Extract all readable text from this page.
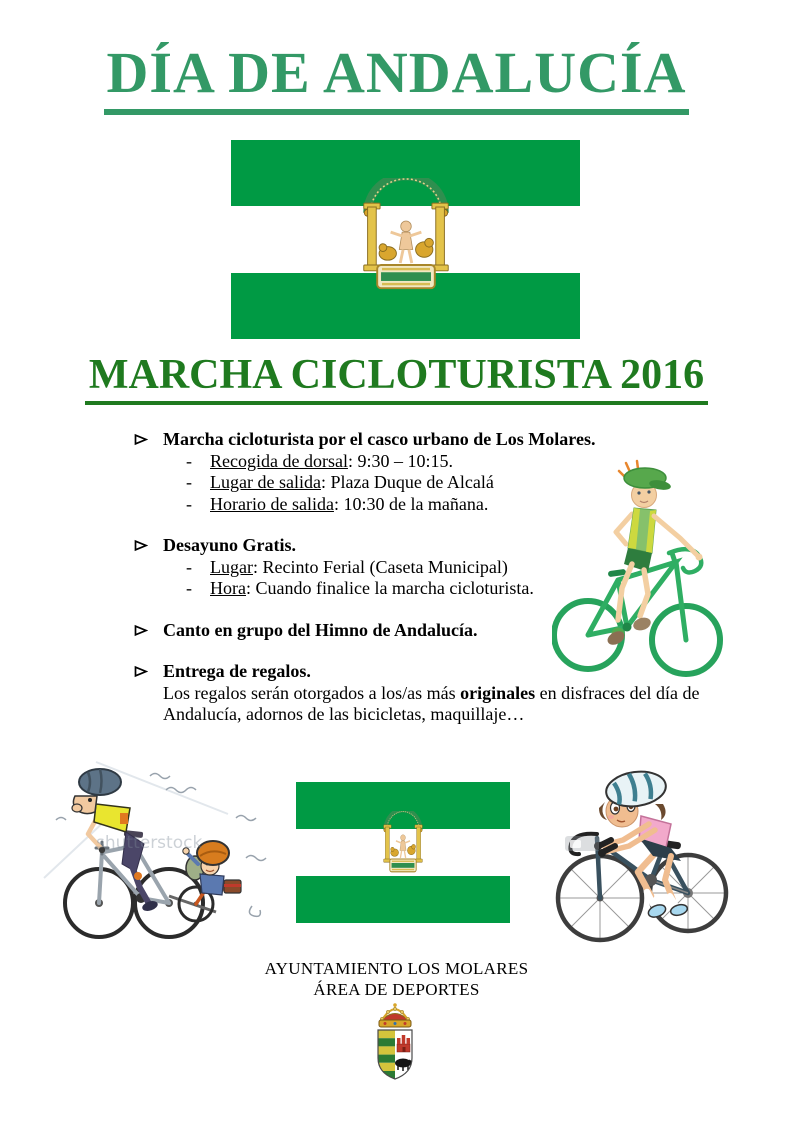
DÍA DE ANDALUCÍA
MARCHA CICLOTURISTA 2016
Marcha cicloturista por el casco urbano de Los Molares.
- Recogida de dorsal: 9:30 – 10:15.
- Lugar de salida: Plaza Duque de Alcalá
- Horario de salida: 10:30 de la mañana.
Desayuno Gratis.
- Lugar: Recinto Ferial (Caseta Municipal)
- Hora: Cuando finalice la marcha cicloturista.
Canto en grupo del Himno de Andalucía.
Entrega de regalos.
Los regalos serán otorgados a los/as más originales en disfraces del día de Andalucía, adornos de las bicicletas, maquillaje…
shutterstock
AYUNTAMIENTO LOS MOLARES
ÁREA DE DEPORTES
